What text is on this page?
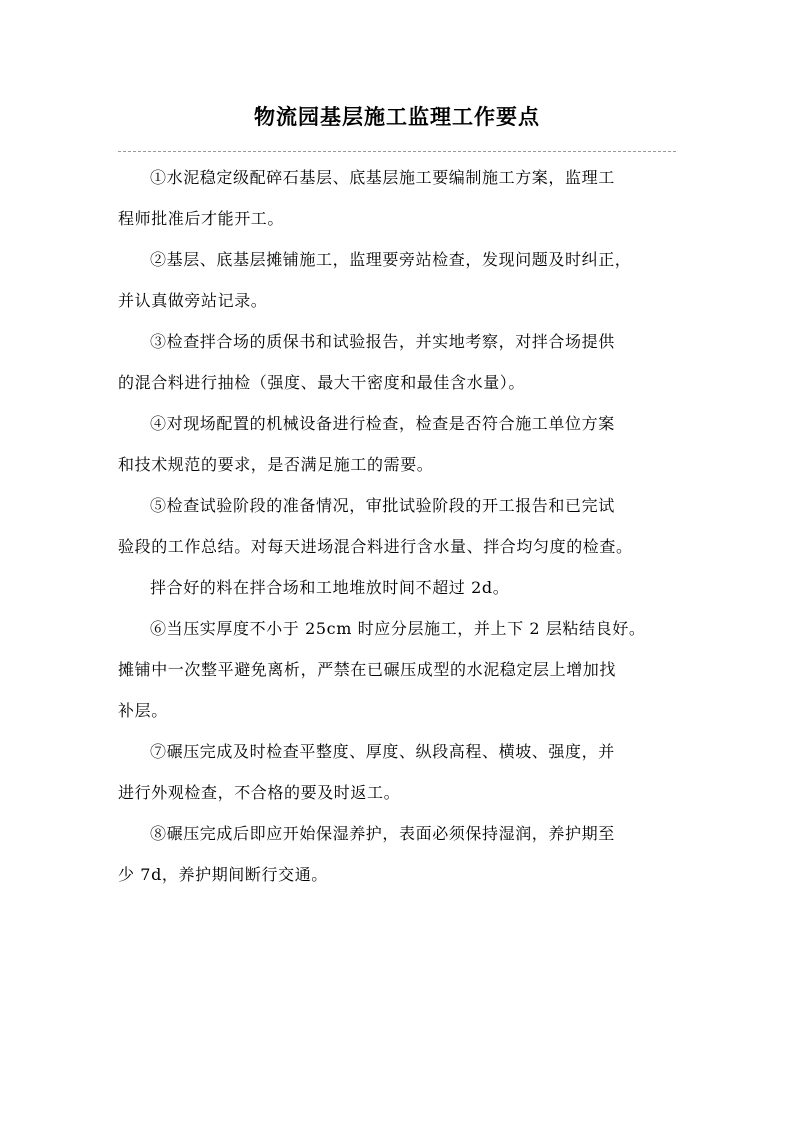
物流园基层施工监理工作要点

①水泥稳定级配碎石基层、底基层施工要编制施工方案，监理工
程师批准后才能开工。

②基层、底基层摊铺施工，监理要旁站检查，发现问题及时纠正，
并认真做旁站记录。

③检查拌合场的质保书和试验报告，并实地考察，对拌合场提供
的混合料进行抽检（强度、最大干密度和最佳含水量）。

④对现场配置的机械设备进行检查，检查是否符合施工单位方案
和技术规范的要求，是否满足施工的需要。

⑤检查试验阶段的准备情况，审批试验阶段的开工报告和已完试
验段的工作总结。对每天进场混合料进行含水量、拌合均匀度的检查。

拌合好的料在拌合场和工地堆放时间不超过 2d。

⑥当压实厚度不小于 25cm 时应分层施工，并上下 2 层粘结良好。
摊铺中一次整平避免离析，严禁在已碾压成型的水泥稳定层上增加找
补层。

⑦碾压完成及时检查平整度、厚度、纵段高程、横坡、强度，并
进行外观检查，不合格的要及时返工。

⑧碾压完成后即应开始保湿养护，表面必须保持湿润，养护期至
少 7d，养护期间断行交通。
